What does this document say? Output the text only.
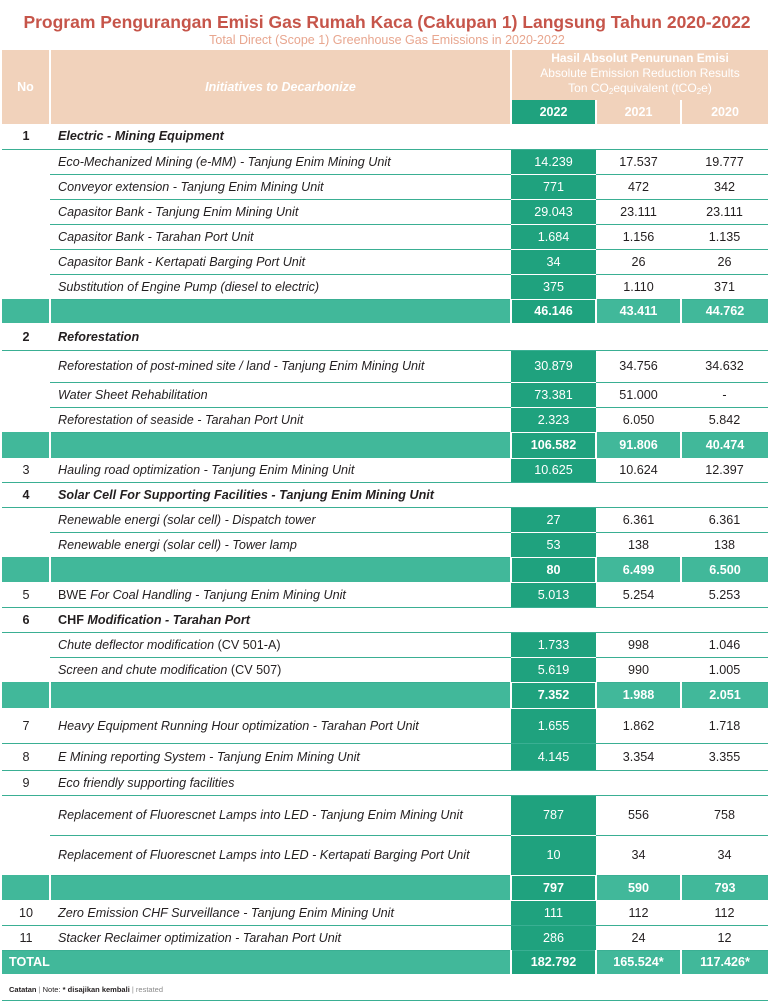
Program Pengurangan Emisi Gas Rumah Kaca (Cakupan 1) Langsung Tahun 2020-2022
Total Direct (Scope 1) Greenhouse Gas Emissions in 2020-2022
No	Initiatives to Decarbonize	Hasil Absolut Penurunan Emisi
Absolute Emission Reduction Results
Ton $CO_2equivalent$ (tCO$_2$e)		

		2022	2021	2020
1	Electric - Mining Equipment			
	Eco-Mechanized Mining (e-MM) - Tanjung Enim Mining Unit	14.239	17.537	19.777
	Conveyor extension - Tanjung Enim Mining Unit	771	472	342
	Capasitor Bank - Tanjung Enim Mining Unit	29.043	23.111	23.111
	Capasitor Bank - Tarahan Port Unit	1.684	1.156	1.135
	Capasitor Bank - Kertapati Barging Port Unit	34	26	26
	Substitution of Engine Pump (diesel to electric)	375	1.110	371
		46.146	43.411	44.762
2	Reforestation			
	Reforestation of post-mined site / land - Tanjung Enim Mining Unit	30.879	34.756	34.632
	Water Sheet Rehabilitation	73.381	51.000	-
	Reforestation of seaside - Tarahan Port Unit	2.323	6.050	5.842
		106.582	91.806	40.474
3	Hauling road optimization - Tanjung Enim Mining Unit	10.625	10.624	12.397
4	Solar Cell For Supporting Facilities - Tanjung Enim Mining Unit			
	Renewable energi (solar cell) - Dispatch tower	27	6.361	6.361
	Renewable energi (solar cell) - Tower lamp	53	138	138
		80	6.499	6.500
5	BWE For Coal Handling - Tanjung Enim Mining Unit	5.013	5.254	5.253
6	CHF Modification - Tarahan Port			
	Chute deflector modification (CV 501-A)	1.733	998	1.046
	Screen and chute modification (CV 507)	5.619	990	1.005
		7.352	1.988	2.051
7	Heavy Equipment Running Hour optimization - Tarahan Port Unit	1.655	1.862	1.718
8	E Mining reporting System - Tanjung Enim Mining Unit	4.145	3.354	3.355
9	Eco friendly supporting facilities			
	Replacement of Fluorescnet Lamps into LED - Tanjung Enim Mining Unit	787	556	758
	Replacement of Fluorescnet Lamps into LED - Kertapati Barging Port Unit	10	34	34
		797	590	793
10	Zero Emission CHF Surveillance - Tanjung Enim Mining Unit	111	112	112
11	Stacker Reclaimer optimization - Tarahan Port Unit	286	24	12
TOTAL		182.792	165.524*	117.426*
Catatan | Note: * disajikan kembali | restated
